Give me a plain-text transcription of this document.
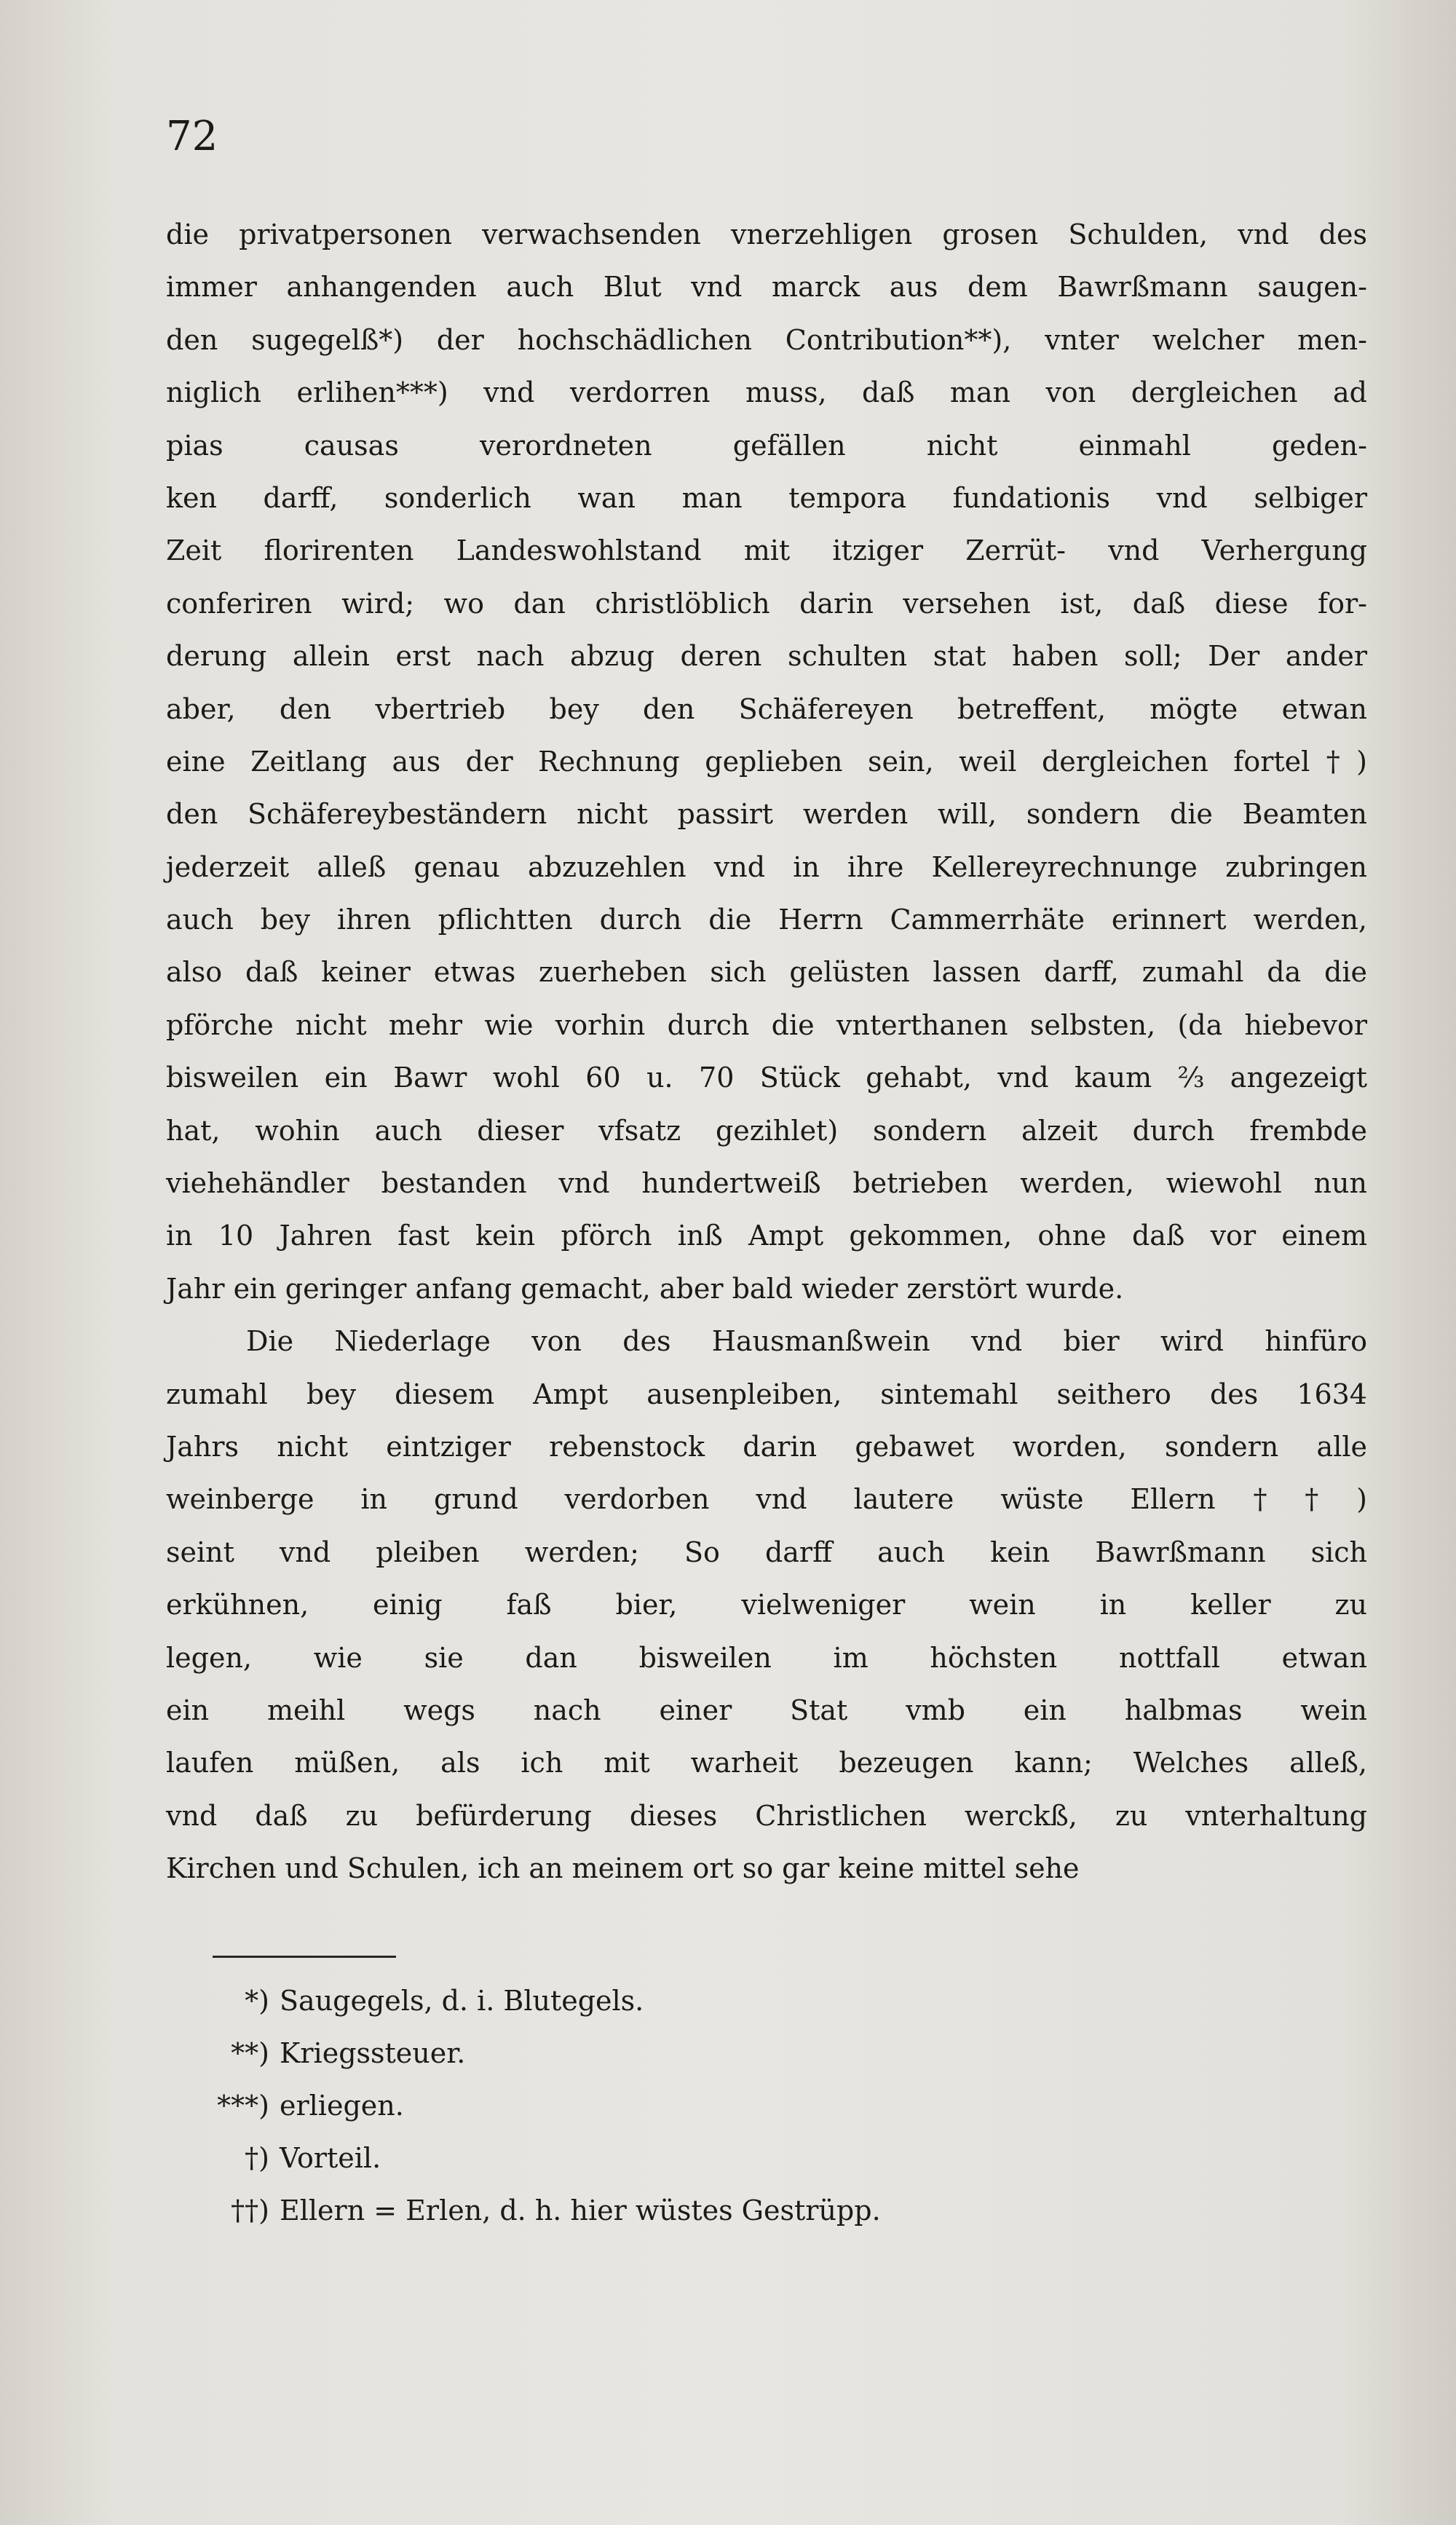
72
die privatpersonen verwachsenden vnerzehligen grosen Schulden, vnd des
immer anhangenden auch Blut vnd marck aus dem Bawrßmann saugen-
den sugegelß*) der hochschädlichen Contribution**), vnter welcher men-
niglich erlihen***) vnd verdorren muss, daß man von dergleichen ad
pias causas verordneten gefällen nicht einmahl geden-
ken darff, sonderlich wan man tempora fundationis vnd selbiger
Zeit florirenten Landeswohlstand mit itziger Zerrüt- vnd Verhergung
conferiren wird; wo dan christlöblich darin versehen ist, daß diese for-
derung allein erst nach abzug deren schulten stat haben soll; Der ander
aber, den vbertrieb bey den Schäfereyen betreffent, mögte etwan
eine Zeitlang aus der Rechnung geplieben sein, weil dergleichen fortel†)
den Schäfereybeständern nicht passirt werden will, sondern die Beamten
jederzeit alleß genau abzuzehlen vnd in ihre Kellereyrechnunge zubringen
auch bey ihren pflichtten durch die Herrn Cammerrhäte erinnert werden,
also daß keiner etwas zuerheben sich gelüsten lassen darff, zumahl da die
pförche nicht mehr wie vorhin durch die vnterthanen selbsten, (da hiebevor
bisweilen ein Bawr wohl 60 u. 70 Stück gehabt, vnd kaum ⅔ angezeigt
hat, wohin auch dieser vfsatz gezihlet) sondern alzeit durch frembde
viehehändler bestanden vnd hundertweiß betrieben werden, wiewohl nun
in 10 Jahren fast kein pförch inß Ampt gekommen, ohne daß vor einem
Jahr ein geringer anfang gemacht, aber bald wieder zerstört wurde.
Die Niederlage von des Hausmanßwein vnd bier wird hinfüro
zumahl bey diesem Ampt ausenpleiben, sintemahl seithero des 1634
Jahrs nicht eintziger rebenstock darin gebawet worden, sondern alle
weinberge in grund verdorben vnd lautere wüste Ellern††)
seint vnd pleiben werden; So darff auch kein Bawrßmann sich
erkühnen, einig faß bier, vielweniger wein in keller zu
legen, wie sie dan bisweilen im höchsten nottfall etwan
ein meihl wegs nach einer Stat vmb ein halbmas wein
laufen müßen, als ich mit warheit bezeugen kann; Welches alleß,
vnd daß zu befürderung dieses Christlichen werckß, zu vnterhaltung
Kirchen und Schulen, ich an meinem ort so gar keine mittel sehe
*) Saugegels, d. i. Blutegels.
**) Kriegssteuer.
***) erliegen.
†) Vorteil.
††) Ellern = Erlen, d. h. hier wüstes Gestrüpp.
